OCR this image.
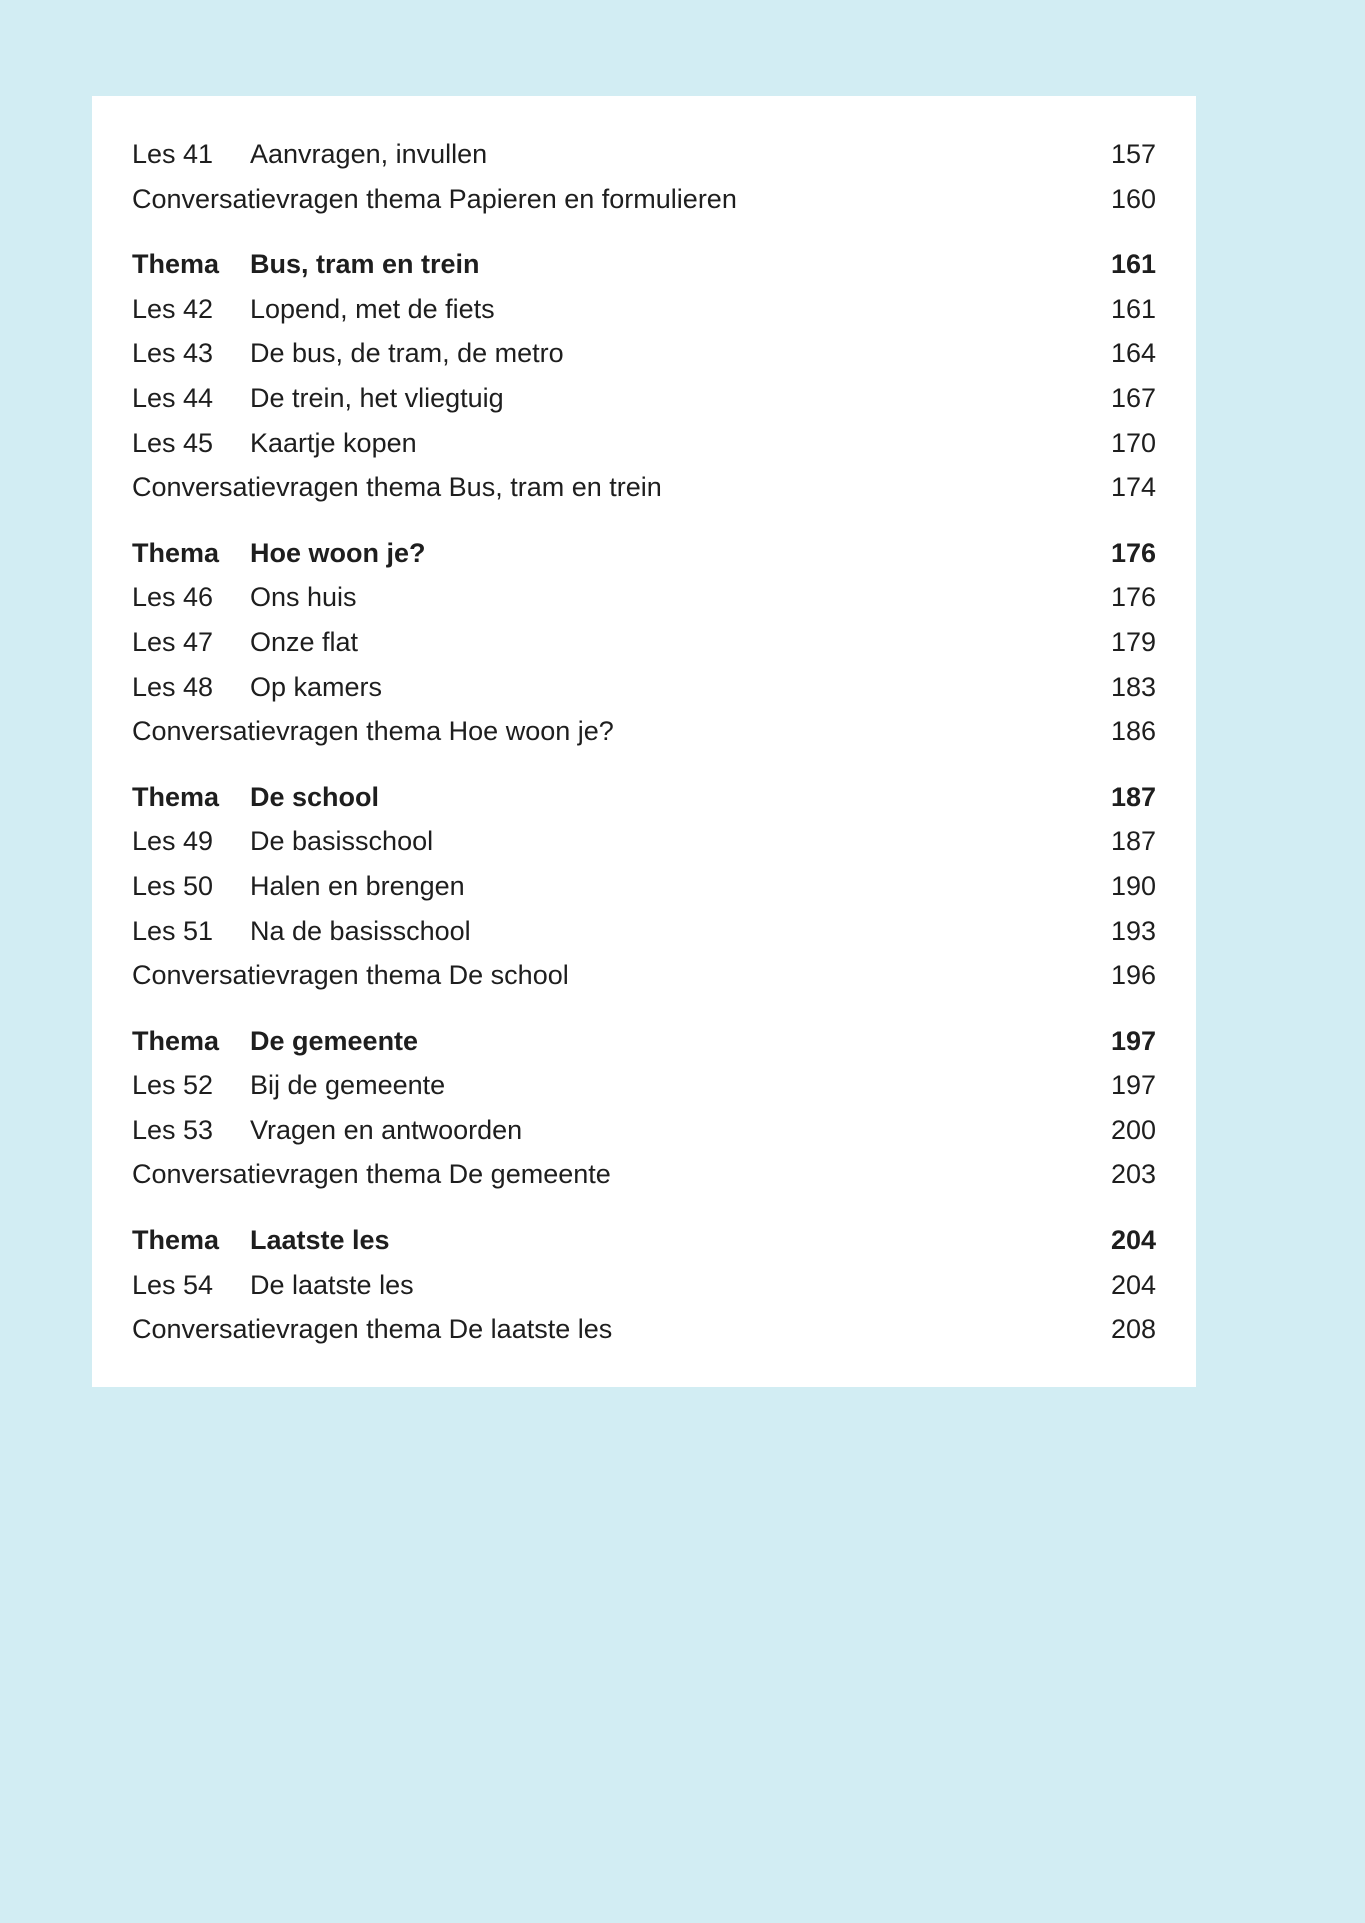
Les 41	Aanvragen, invullen	157
Conversatievragen thema Papieren en formulieren	160
Thema	Bus, tram en trein	161
Les 42	Lopend, met de fiets	161
Les 43	De bus, de tram, de metro	164
Les 44	De trein, het vliegtuig	167
Les 45	Kaartje kopen	170
Conversatievragen thema Bus, tram en trein	174
Thema	Hoe woon je?	176
Les 46	Ons huis	176
Les 47	Onze flat	179
Les 48	Op kamers	183
Conversatievragen thema Hoe woon je?	186
Thema	De school	187
Les 49	De basisschool	187
Les 50	Halen en brengen	190
Les 51	Na de basisschool	193
Conversatievragen thema De school	196
Thema	De gemeente	197
Les 52	Bij de gemeente	197
Les 53	Vragen en antwoorden	200
Conversatievragen thema De gemeente	203
Thema	Laatste les	204
Les 54	De laatste les	204
Conversatievragen thema De laatste les	208
